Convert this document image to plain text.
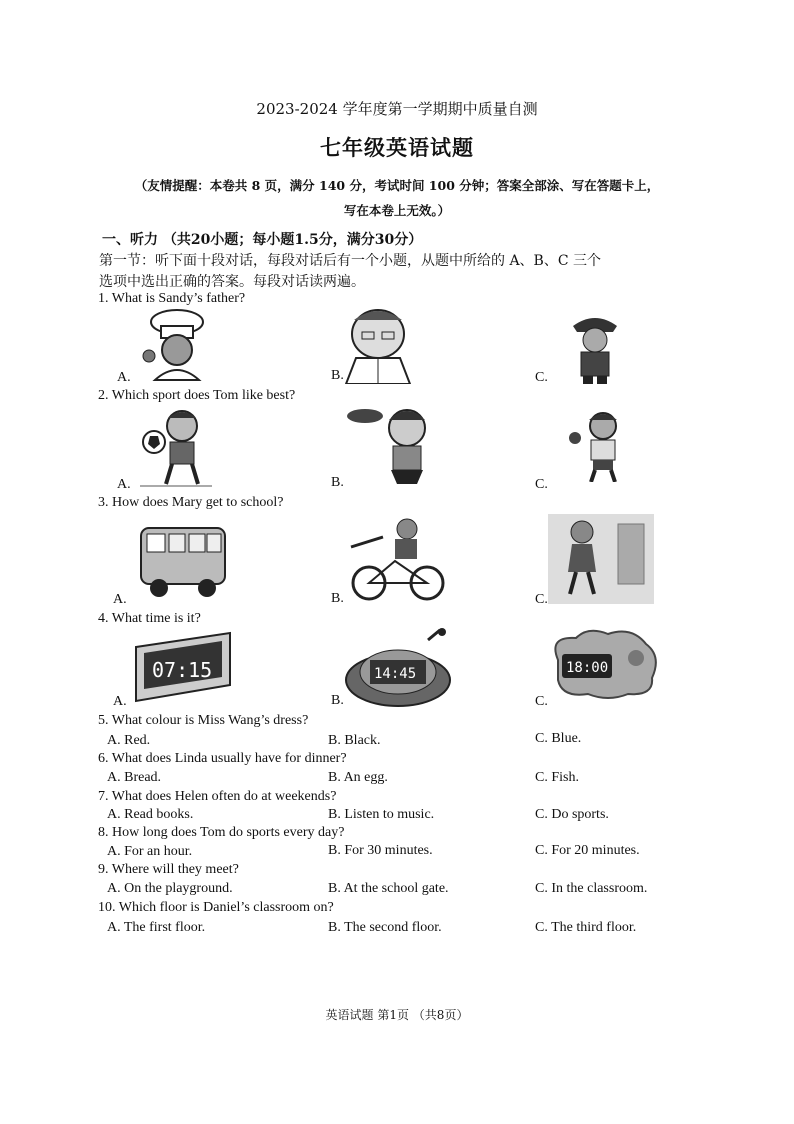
2023-2024 学年度第一学期期中质量自测
七年级英语试题
（友情提醒：本卷共 8 页，满分 140 分，考试时间 100 分钟；答案全部涂、写在答题卡上，
写在本卷上无效。）
一、听力 （共20小题；每小题1.5分，满分30分）
第一节：听下面十段对话，每段对话后有一个小题，从题中所给的 A、B、C 三个
选项中选出正确的答案。每段对话读两遍。
1. What is Sandy’s father?
A.	B.	C.
2. Which sport does Tom like best?
A.	B.	C.
3. How does Mary get to school?
A.	B.	C.
4. What time is it?
07:15	14:45	18:00
A.	B.	C.
5. What colour is Miss Wang’s dress?
A. Red.	B. Black.	C. Blue.
6. What does Linda usually have for dinner?
A. Bread.	B. An egg.	C. Fish.
7. What does Helen often do at weekends?
A. Read books.	B. Listen to music.	C. Do sports.
8. How long does Tom do sports every day?
A. For an hour.	B. For 30 minutes.	C. For 20 minutes.
9. Where will they meet?
A. On the playground.	B. At the school gate.	C. In the classroom.
10. Which floor is Daniel’s classroom on?
A. The first floor.	B. The second floor.	C. The third floor.
英语试题 第1页 （共8页）
